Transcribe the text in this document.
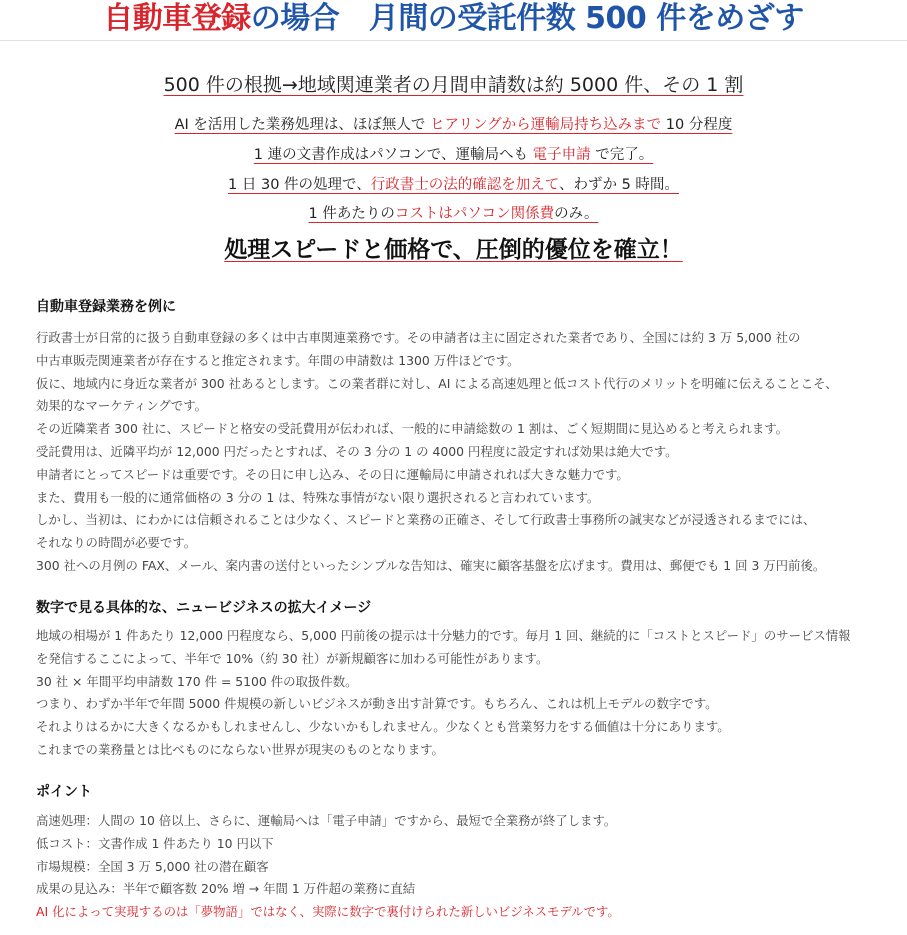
自動車登録の場合　月間の受託件数 500 件をめざす
500 件の根拠→地域関連業者の月間申請数は約 5000 件、その 1 割
AI を活用した業務処理は、ほぼ無人で ヒアリングから運輸局持ち込みまで 10 分程度
1 連の文書作成はパソコンで、運輸局へも 電子申請 で完了。
1 日 30 件の処理で、行政書士の法的確認を加えて、わずか 5 時間。
1 件あたりのコストはパソコン関係費のみ。
処理スピードと価格で、圧倒的優位を確立！
自動車登録業務を例に
行政書士が日常的に扱う自動車登録の多くは中古車関連業務です。その申請者は主に固定された業者であり、全国には約 3 万 5,000 社の
中古車販売関連業者が存在すると推定されます。年間の申請数は 1300 万件ほどです。
仮に、地域内に身近な業者が 300 社あるとします。この業者群に対し、AI による高速処理と低コスト代行のメリットを明確に伝えることこそ、
効果的なマーケティングです。
その近隣業者 300 社に、スピードと格安の受託費用が伝われば、一般的に申請総数の 1 割は、ごく短期間に見込めると考えられます。
受託費用は、近隣平均が 12,000 円だったとすれば、その 3 分の 1 の 4000 円程度に設定すれば効果は絶大です。
申請者にとってスピードは重要です。その日に申し込み、その日に運輸局に申請されれば大きな魅力です。
また、費用も一般的に通常価格の 3 分の 1 は、特殊な事情がない限り選択されると言われています。
しかし、当初は、にわかには信頼されることは少なく、スピードと業務の正確さ、そして行政書士事務所の誠実などが浸透されるまでには、
それなりの時間が必要です。
300 社への月例の FAX、メール、案内書の送付といったシンプルな告知は、確実に顧客基盤を広げます。費用は、郵便でも 1 回 3 万円前後。
数字で見る具体的な、ニュービジネスの拡大イメージ
地域の相場が 1 件あたり 12,000 円程度なら、5,000 円前後の提示は十分魅力的です。毎月 1 回、継続的に「コストとスピード」のサービス情報
を発信するここによって、半年で 10%（約 30 社）が新規顧客に加わる可能性があります。
30 社 × 年間平均申請数 170 件 = 5100 件の取扱件数。
つまり、わずか半年で年間 5000 件規模の新しいビジネスが動き出す計算です。もちろん、これは机上モデルの数字です。
それよりはるかに大きくなるかもしれませんし、少ないかもしれません。少なくとも営業努力をする価値は十分にあります。
これまでの業務量とは比べものにならない世界が現実のものとなります。
ポイント
高速処理：人間の 10 倍以上、さらに、運輸局へは「電子申請」ですから、最短で全業務が終了します。
低コスト：文書作成 1 件あたり 10 円以下
市場規模：全国 3 万 5,000 社の潜在顧客
成果の見込み：半年で顧客数 20% 増 → 年間 1 万件超の業務に直結
AI 化によって実現するのは「夢物語」ではなく、実際に数字で裏付けられた新しいビジネスモデルです。
